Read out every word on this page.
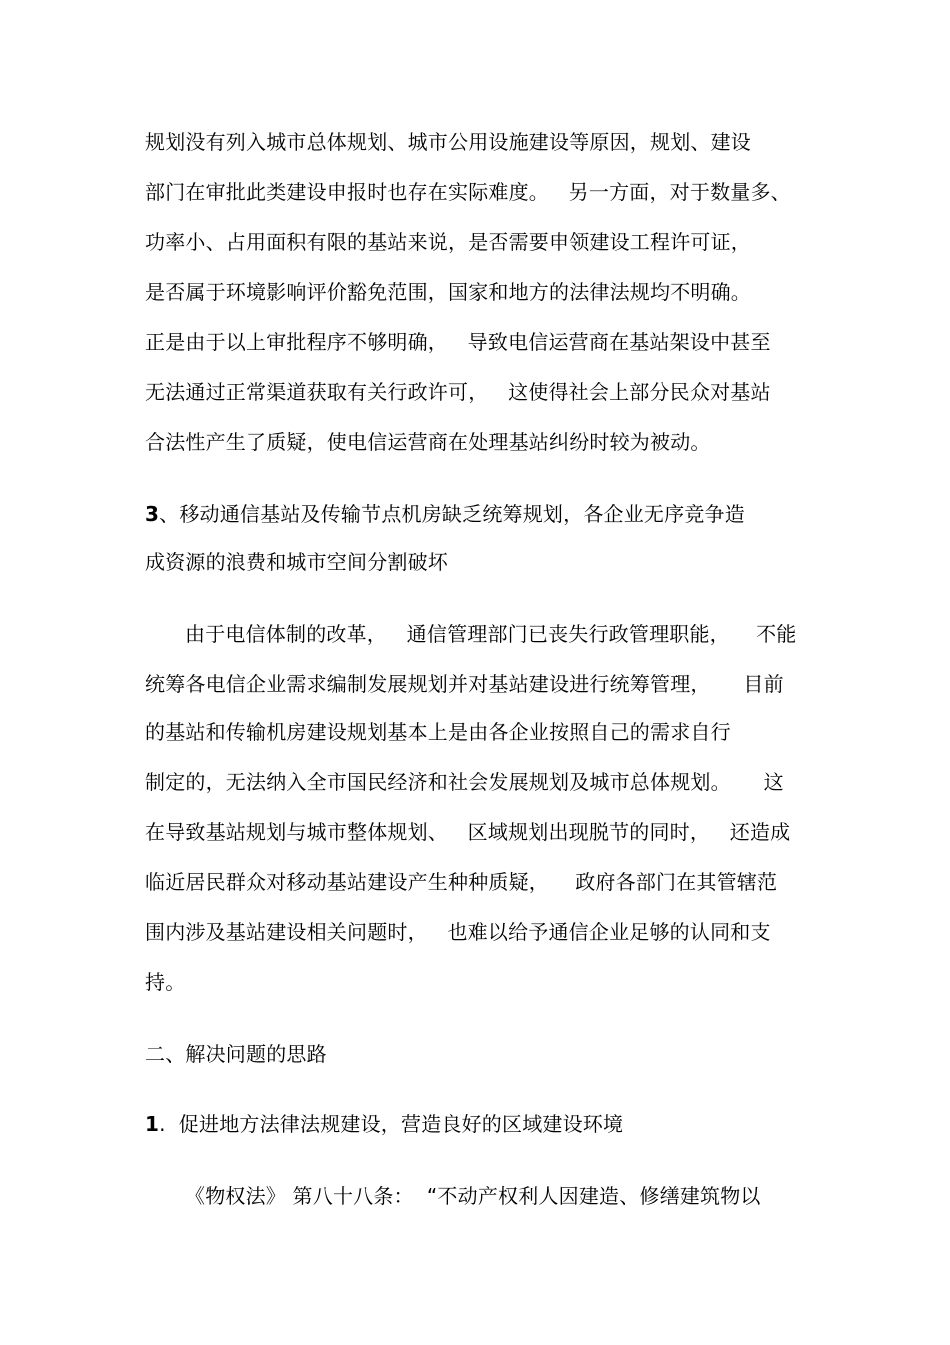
规划没有列入城市总体规划、城市公用设施建设等原因，规划、建设
部门在审批此类建设申报时也存在实际难度。   另一方面，对于数量多、
功率小、占用面积有限的基站来说，是否需要申领建设工程许可证，
是否属于环境影响评价豁免范围，国家和地方的法律法规均不明确。
正是由于以上审批程序不够明确，   导致电信运营商在基站架设中甚至
无法通过正常渠道获取有关行政许可，   这使得社会上部分民众对基站
合法性产生了质疑，使电信运营商在处理基站纠纷时较为被动。
3、移动通信基站及传输节点机房缺乏统筹规划，各企业无序竞争造
成资源的浪费和城市空间分割破坏
由于电信体制的改革，   通信管理部门已丧失行政管理职能，    不能
统筹各电信企业需求编制发展规划并对基站建设进行统筹管理，     目前
的基站和传输机房建设规划基本上是由各企业按照自己的需求自行
制定的，无法纳入全市国民经济和社会发展规划及城市总体规划。     这
在导致基站规划与城市整体规划、   区域规划出现脱节的同时，   还造成
临近居民群众对移动基站建设产生种种质疑，    政府各部门在其管辖范
围内涉及基站建设相关问题时，   也难以给予通信企业足够的认同和支
持。
二、解决问题的思路
1.  促进地方法律法规建设，营造良好的区域建设环境
《物权法》 第八十八条：  “不动产权利人因建造、修缮建筑物以
